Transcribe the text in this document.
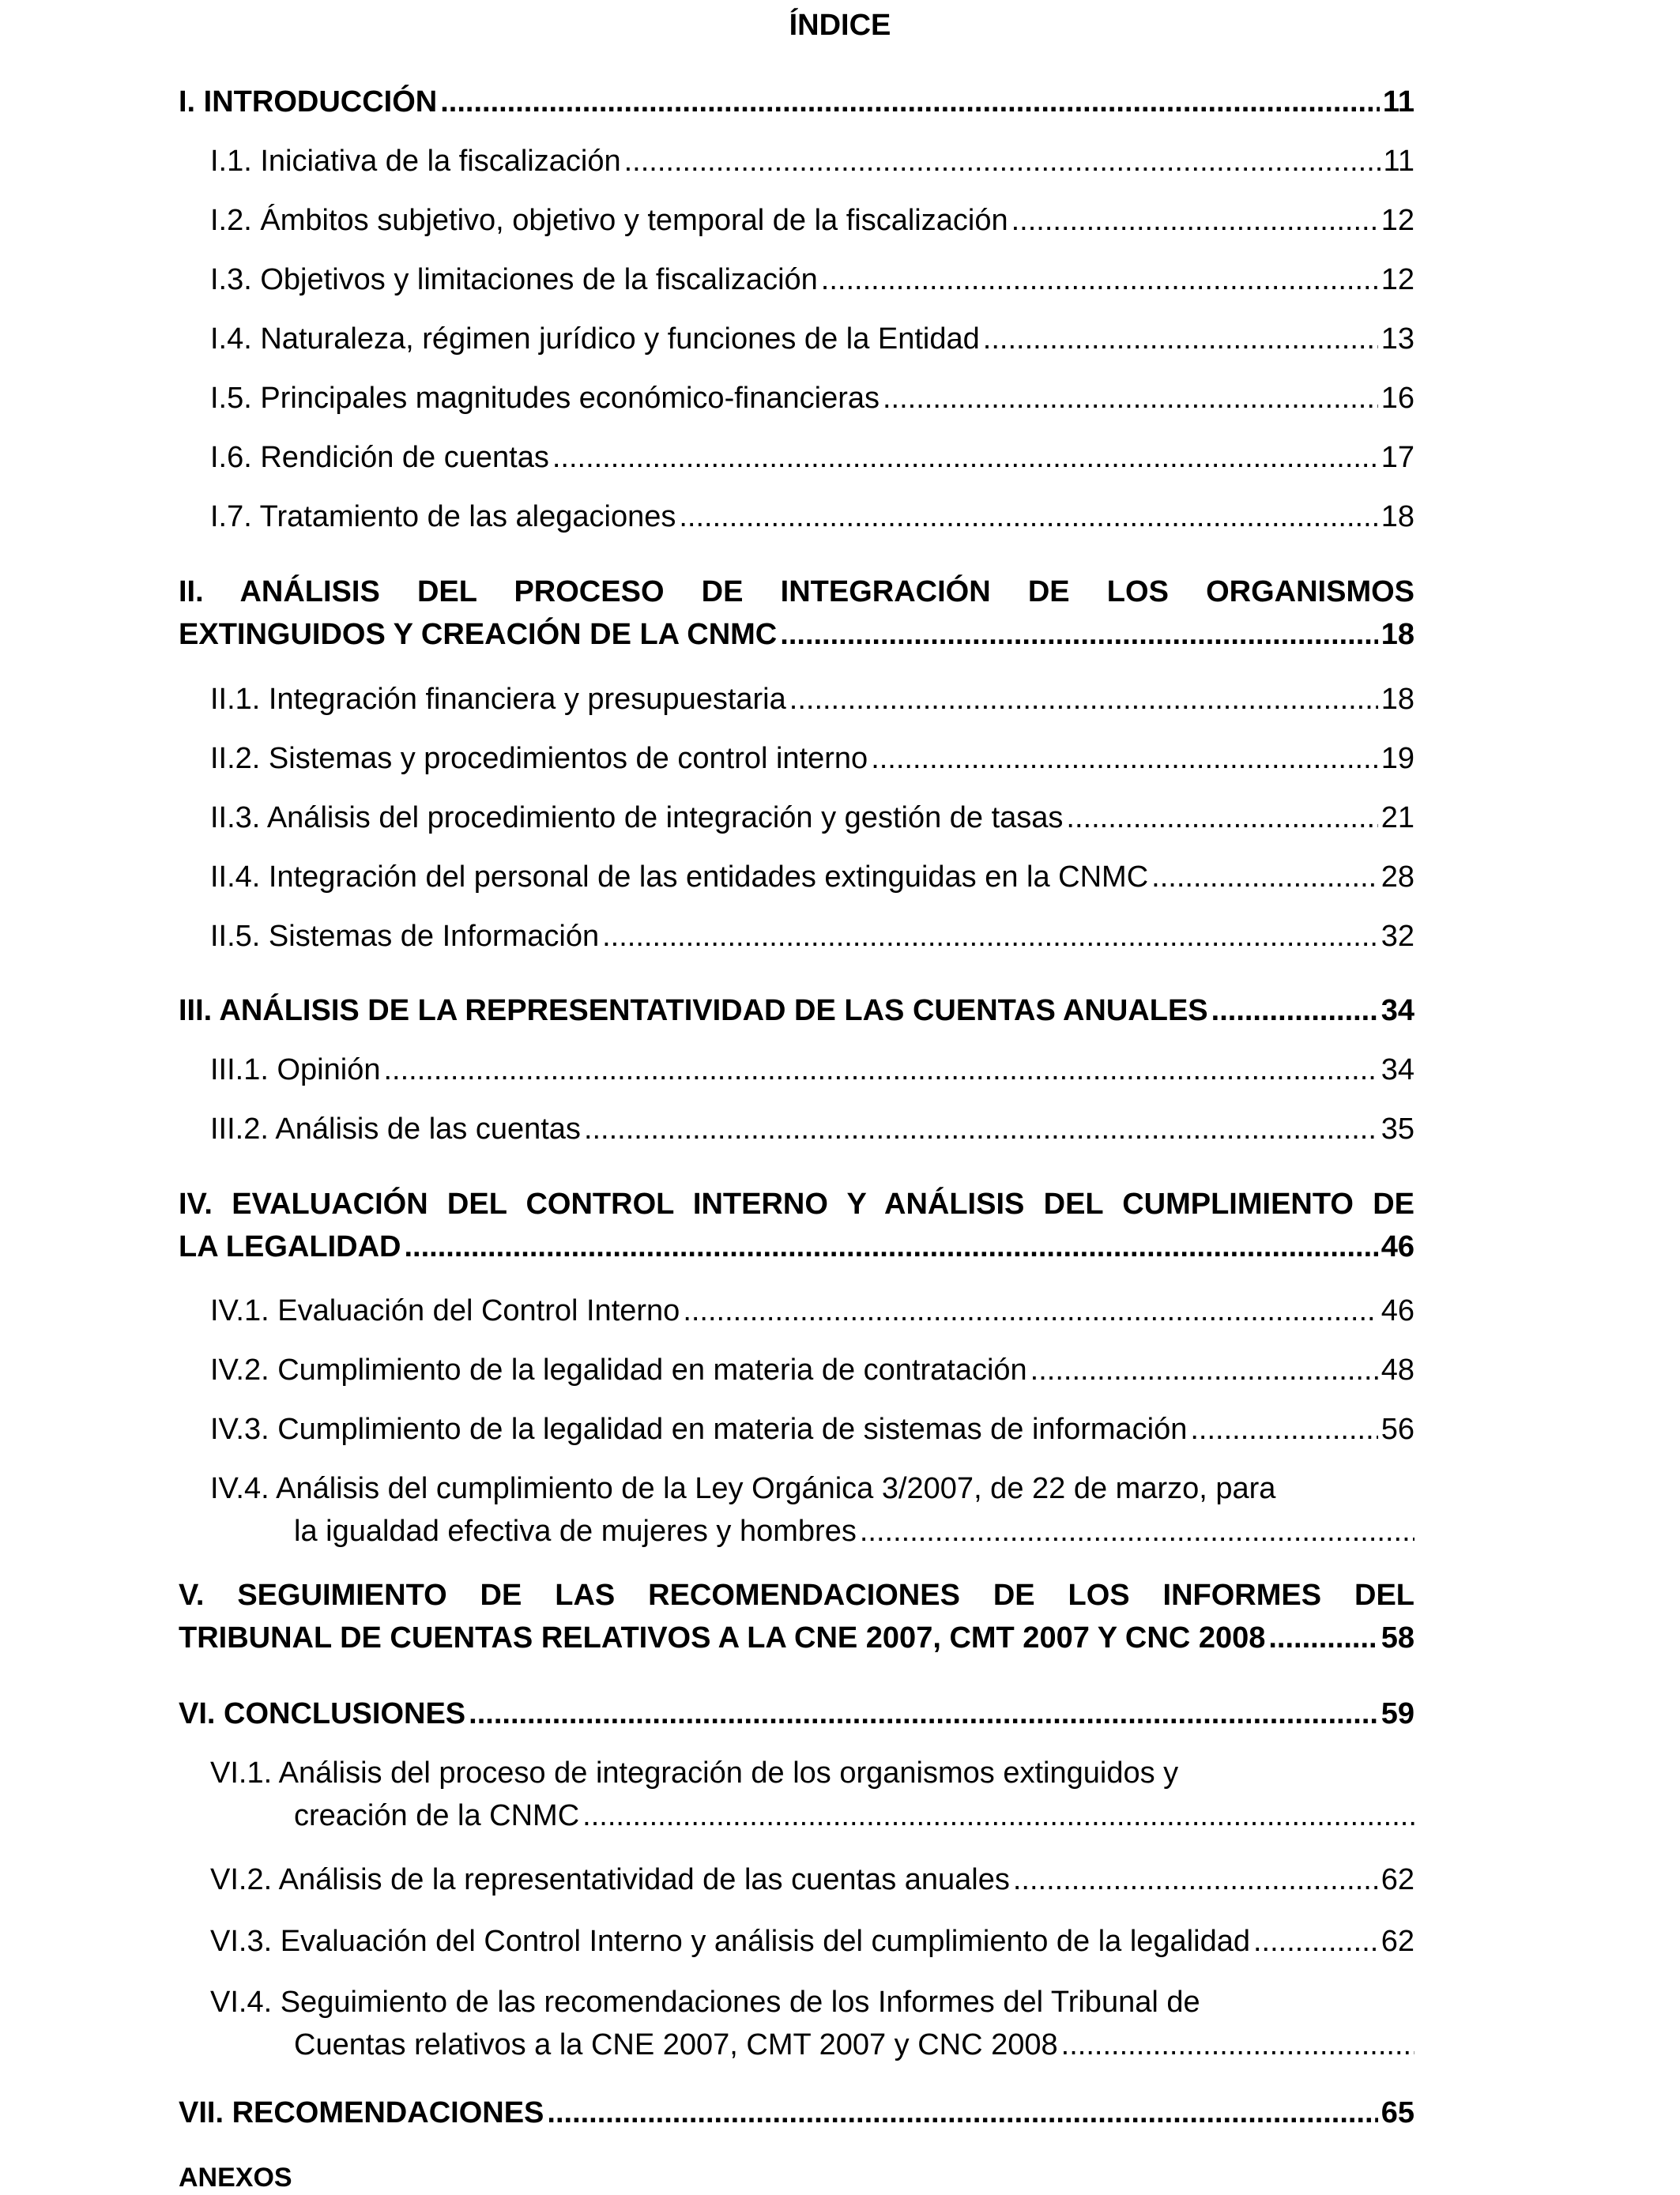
ÍNDICE
I. INTRODUCCIÓN .....	11
I.1. Iniciativa de la fiscalización .....	11
I.2. Ámbitos subjetivo, objetivo y temporal de la fiscalización .....	12
I.3. Objetivos y limitaciones de la fiscalización .....	12
I.4. Naturaleza, régimen jurídico y funciones de la Entidad .....	13
I.5. Principales magnitudes económico-financieras .....	16
I.6. Rendición de cuentas .....	17
I.7. Tratamiento de las alegaciones .....	18
II. ANÁLISIS DEL PROCESO DE INTEGRACIÓN DE LOS ORGANISMOS
EXTINGUIDOS Y CREACIÓN DE LA CNMC .....	18
II.1. Integración financiera y presupuestaria .....	18
II.2. Sistemas y procedimientos de control interno .....	19
II.3. Análisis del procedimiento de integración y gestión de tasas .....	21
II.4. Integración del personal de las entidades extinguidas en la CNMC .....	28
II.5. Sistemas de Información .....	32
III. ANÁLISIS DE LA REPRESENTATIVIDAD DE LAS CUENTAS ANUALES .....	34
III.1. Opinión .....	34
III.2. Análisis de las cuentas .....	35
IV. EVALUACIÓN DEL CONTROL INTERNO Y ANÁLISIS DEL CUMPLIMIENTO DE
LA LEGALIDAD .....	46
IV.1. Evaluación del Control Interno .....	46
IV.2. Cumplimiento de la legalidad en materia de contratación .....	48
IV.3. Cumplimiento de la legalidad en materia de sistemas de información .....	56
IV.4. Análisis del cumplimiento de la Ley Orgánica 3/2007, de 22 de marzo, para
la igualdad efectiva de mujeres y hombres
.....
V. SEGUIMIENTO DE LAS RECOMENDACIONES DE LOS INFORMES DEL
TRIBUNAL DE CUENTAS RELATIVOS A LA CNE 2007, CMT 2007 Y CNC 2008 .....	58
VI. CONCLUSIONES .....	59
VI.1. Análisis del proceso de integración de los organismos extinguidos y
creación de la CNMC
.....
VI.2. Análisis de la representatividad de las cuentas anuales .....	62
VI.3. Evaluación del Control Interno y análisis del cumplimiento de la legalidad .....	62
VI.4. Seguimiento de las recomendaciones de los Informes del Tribunal de
Cuentas relativos a la CNE 2007, CMT 2007 y CNC 2008
.....
VII. RECOMENDACIONES .....	65
ANEXOS
